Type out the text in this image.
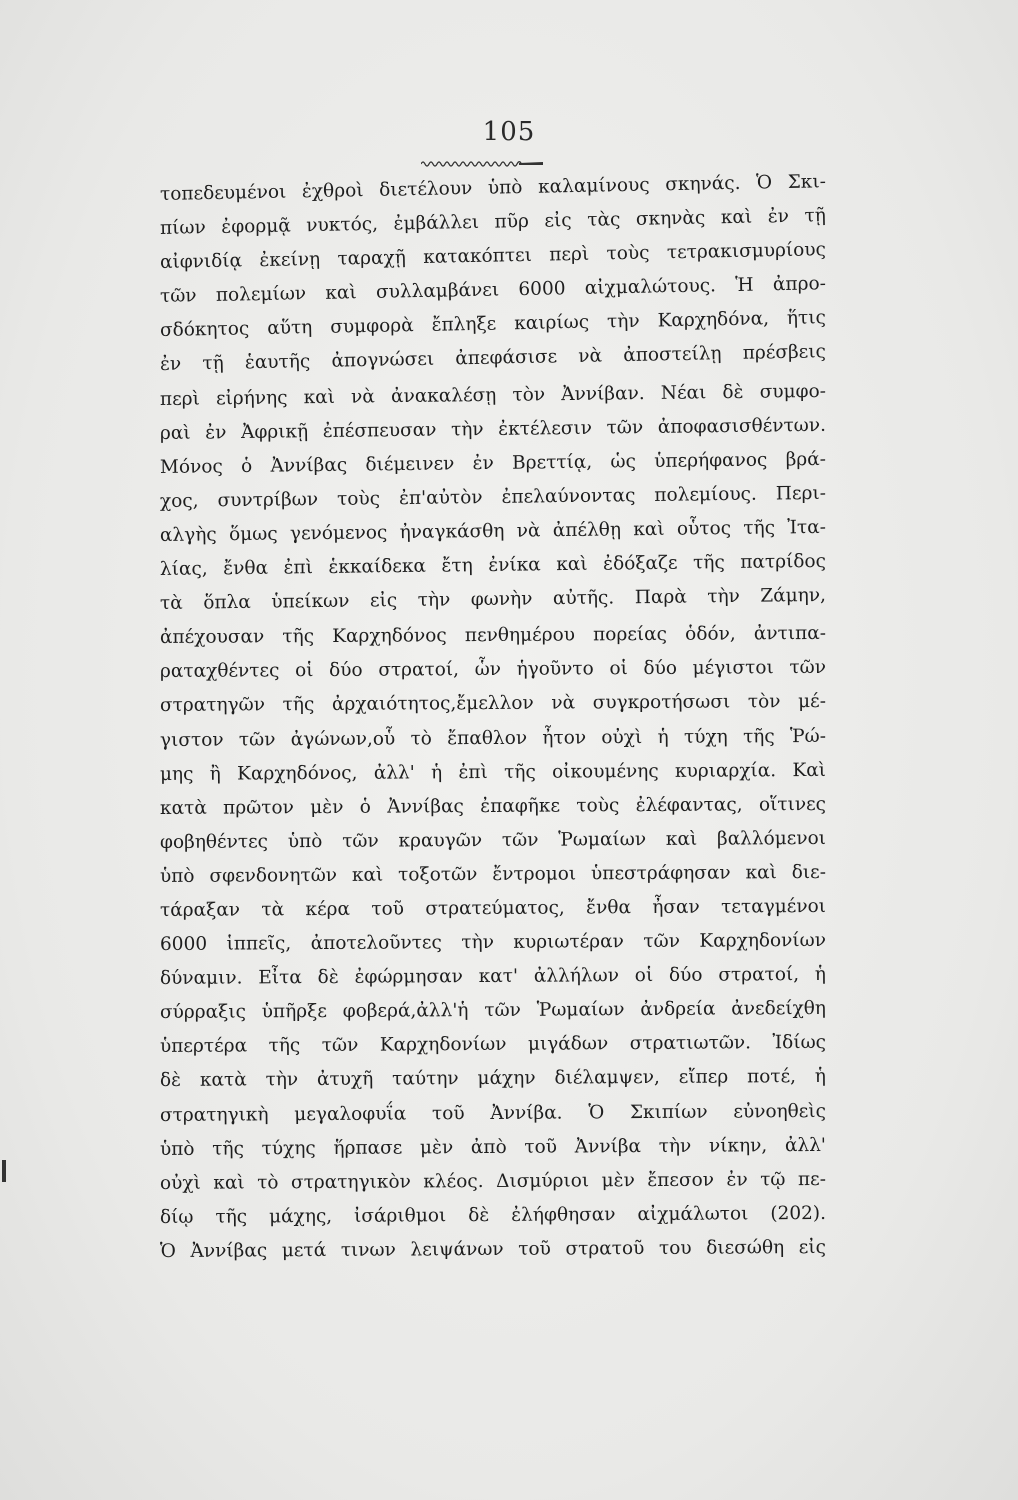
105
τοπεδευμένοι ἐχθροὶ διετέλουν ὑπὸ καλαμίνους σκηνάς. Ὁ Σκι-
πίων ἐφορμᾷ νυκτός, ἐμβάλλει πῦρ εἰς τὰς σκηνὰς καὶ ἐν τῇ
αἰφνιδίᾳ ἐκείνῃ ταραχῇ κατακόπτει περὶ τοὺς τετρακισμυρίους
τῶν πολεμίων καὶ συλλαμβάνει 6000 αἰχμαλώτους. Ἡ ἀπρο-
σδόκητος αὕτη συμφορὰ ἔπληξε καιρίως τὴν Καρχηδόνα, ἥτις
ἐν τῇ ἑαυτῆς ἀπογνώσει ἀπεφάσισε νὰ ἀποστείλῃ πρέσβεις
περὶ εἰρήνης καὶ νὰ ἀνακαλέσῃ τὸν Ἀννίβαν. Νέαι δὲ συμφο-
ραὶ ἐν Ἀφρικῇ ἐπέσπευσαν τὴν ἐκτέλεσιν τῶν ἀποφασισθέντων.
Μόνος ὁ Ἀννίβας διέμεινεν ἐν Βρεττίᾳ, ὡς ὑπερήφανος βρά-
χος, συντρίβων τοὺς ἐπ'αὐτὸν ἐπελαύνοντας πολεμίους. Περι-
αλγὴς ὅμως γενόμενος ἠναγκάσθη νὰ ἀπέλθῃ καὶ οὗτος τῆς Ἰτα-
λίας, ἔνθα ἐπὶ ἑκκαίδεκα ἔτη ἐνίκα καὶ ἐδόξαζε τῆς πατρίδος
τὰ ὅπλα ὑπείκων εἰς τὴν φωνὴν αὐτῆς. Παρὰ τὴν Ζάμην,
ἀπέχουσαν τῆς Καρχηδόνος πενθημέρου πορείας ὁδόν, ἀντιπα-
ραταχθέντες οἱ δύο στρατοί, ὧν ἡγοῦντο οἱ δύο μέγιστοι τῶν
στρατηγῶν τῆς ἀρχαιότητος,ἔμελλον νὰ συγκροτήσωσι τὸν μέ-
γιστον τῶν ἀγώνων,οὗ τὸ ἔπαθλον ἦτον οὐχὶ ἡ τύχη τῆς Ῥώ-
μης ἢ Καρχηδόνος, ἀλλ' ἡ ἐπὶ τῆς οἰκουμένης κυριαρχία. Καὶ
κατὰ πρῶτον μὲν ὁ Ἀννίβας ἐπαφῆκε τοὺς ἐλέφαντας, οἵτινες
φοβηθέντες ὑπὸ τῶν κραυγῶν τῶν Ῥωμαίων καὶ βαλλόμενοι
ὑπὸ σφενδονητῶν καὶ τοξοτῶν ἔντρομοι ὑπεστράφησαν καὶ διε-
τάραξαν τὰ κέρα τοῦ στρατεύματος, ἔνθα ἦσαν τεταγμένοι
6000 ἱππεῖς, ἀποτελοῦντες τὴν κυριωτέραν τῶν Καρχηδονίων
δύναμιν. Εἶτα δὲ ἐφώρμησαν κατ' ἀλλήλων οἱ δύο στρατοί, ἡ
σύρραξις ὑπῆρξε φοβερά,ἀλλ'ἡ τῶν Ῥωμαίων ἀνδρεία ἀνεδείχθη
ὑπερτέρα τῆς τῶν Καρχηδονίων μιγάδων στρατιωτῶν. Ἰδίως
δὲ κατὰ τὴν ἀτυχῆ ταύτην μάχην διέλαμψεν, εἴπερ ποτέ, ἡ
στρατηγικὴ μεγαλοφυΐα τοῦ Ἀννίβα. Ὁ Σκιπίων εὐνοηθεὶς
ὑπὸ τῆς τύχης ἥρπασε μὲν ἀπὸ τοῦ Ἀννίβα τὴν νίκην, ἀλλ'
οὐχὶ καὶ τὸ στρατηγικὸν κλέος. Δισμύριοι μὲν ἔπεσον ἐν τῷ πε-
δίῳ τῆς μάχης, ἰσάριθμοι δὲ ἐλήφθησαν αἰχμάλωτοι (202).
Ὁ Ἀννίβας μετά τινων λειψάνων τοῦ στρατοῦ του διεσώθη εἰς
